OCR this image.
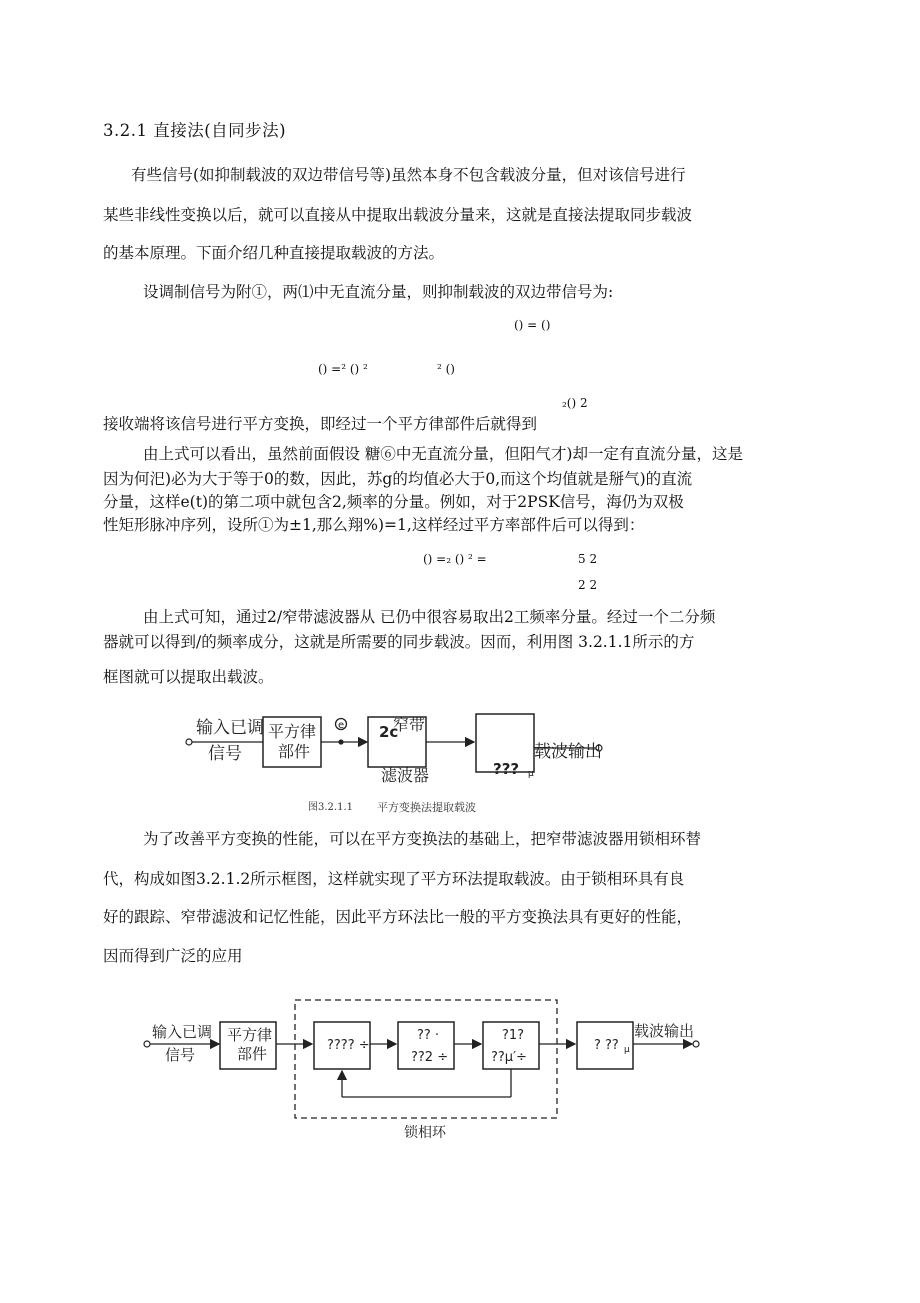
3.2.1 直接法(自同步法)
有些信号(如抑制载波的双边带信号等)虽然本身不包含载波分量，但对该信号进行
某些非线性变换以后，就可以直接从中提取出载波分量来，这就是直接法提取同步载波
的基本原理。下面介绍几种直接提取载波的方法。
设调制信号为附①，两⑴中无直流分量，则抑制载波的双边带信号为:
() = ()
() =² () ²	² ()
₂() 2
接收端将该信号进行平方变换，即经过一个平方律部件后就得到
由上式可以看出，虽然前面假设 糖⑥中无直流分量，但阳气才)却一定有直流分量，这是
因为何汜)必为大于等于0的数，因此，苏g的均值必大于0,而这个均值就是掰气)的直流
分量，这样e(t)的第二项中就包含2,频率的分量。例如，对于2PSK信号，海仍为双极
性矩形脉冲序列，设所①为±1,那么翔%)=1,这样经过平方率部件后可以得到：
() =₂ () ² =	5 2
2 2
由上式可知，通过2/窄带滤波器从 已仍中很容易取出2工频率分量。经过一个二分频
器就可以得到/的频率成分，这就是所需要的同步载波。因而，利用图 3.2.1.1所示的方
框图就可以提取出载波。
输入已调
信号
平方律
部件
e 2c
窄带
滤波器	??? μ
载波输出
图3.2.1.1 平方变换法提取载波
为了改善平方变换的性能，可以在平方变换法的基础上，把窄带滤波器用锁相环替
代，构成如图3.2.1.2所示框图，这样就实现了平方环法提取载波。由于锁相环具有良
好的跟踪、窄带滤波和记忆性能，因此平方环法比一般的平方变换法具有更好的性能，
因而得到广泛的应用
输入已调
信号
平方律
部件
锁相环
???? ÷
?? ·
??2 ÷
?1?
??μ′÷
? ?? μ
载波输出
